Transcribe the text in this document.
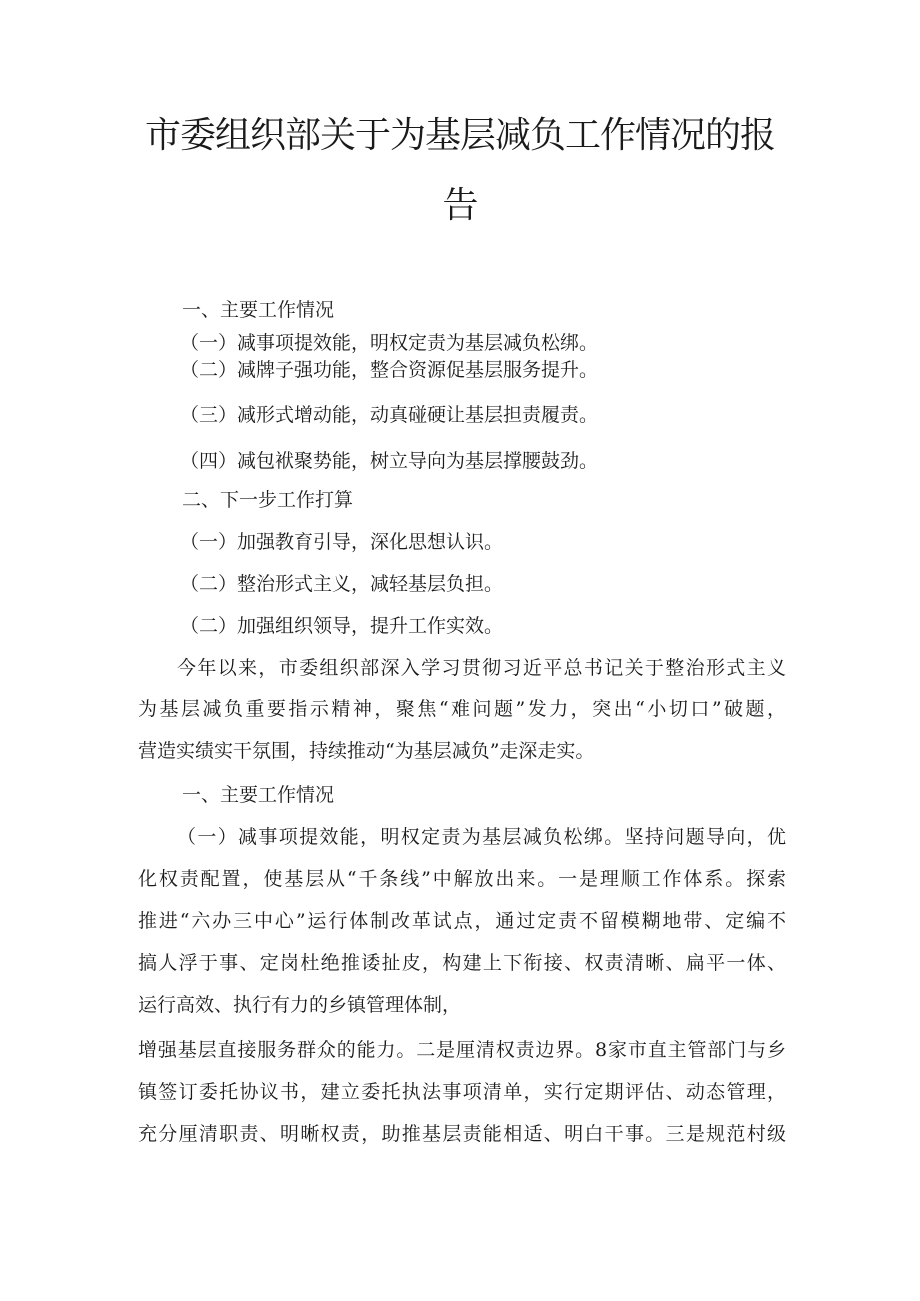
市委组织部关于为基层减负工作情况的报
告

一、主要工作情况

（一）减事项提效能，明权定责为基层减负松绑。

（二）减牌子强功能，整合资源促基层服务提升。

（三）减形式增动能，动真碰硬让基层担责履责。

（四）减包袱聚势能，树立导向为基层撑腰鼓劲。

二、下一步工作打算

（一）加强教育引导，深化思想认识。

（二）整治形式主义，减轻基层负担。

（二）加强组织领导，提升工作实效。

今年以来，市委组织部深入学习贯彻习近平总书记关于整治形式主义

为基层减负重要指示精神，聚焦“难问题”发力，突出“小切口”破题，

营造实绩实干氛围，持续推动“为基层减负”走深走实。

一、主要工作情况

（一）减事项提效能，明权定责为基层减负松绑。坚持问题导向，优

化权责配置，使基层从“千条线”中解放出来。一是理顺工作体系。探索

推进“六办三中心”运行体制改革试点，通过定责不留模糊地带、定编不

搞人浮于事、定岗杜绝推诿扯皮，构建上下衔接、权责清晰、扁平一体、

运行高效、执行有力的乡镇管理体制，

增强基层直接服务群众的能力。二是厘清权责边界。8家市直主管部门与乡

镇签订委托协议书，建立委托执法事项清单，实行定期评估、动态管理，

充分厘清职责、明晰权责，助推基层责能相适、明白干事。三是规范村级
